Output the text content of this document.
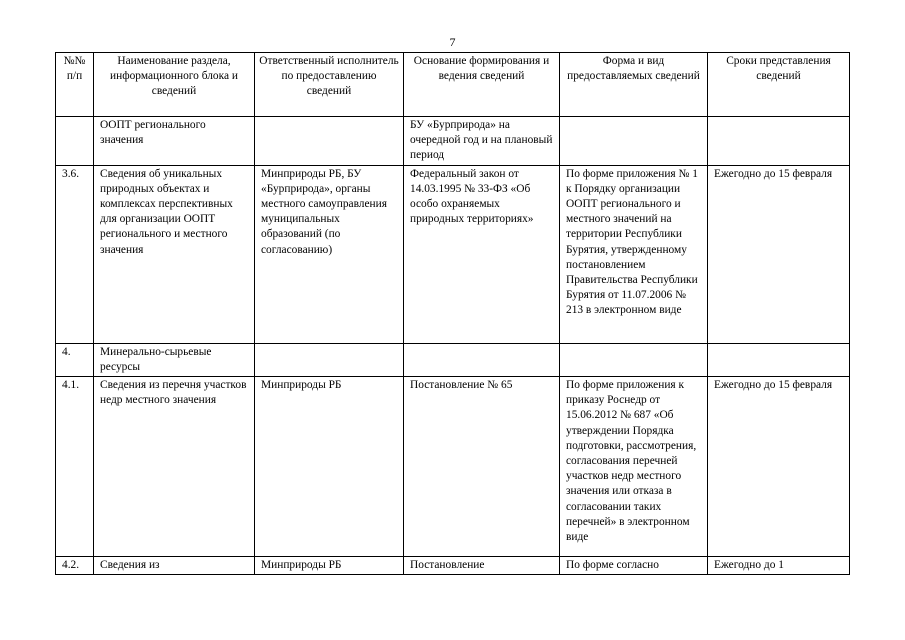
7
№№ п/п	Наименование раздела, информационного блока и сведений	Ответственный исполнитель по предоставлению сведений	Основание формирования и ведения сведений	Форма и вид предоставляемых сведений	Сроки представления сведений
	ООПТ регионального значения		БУ «Бурприрода» на очередной год и на плановый период		
3.6.	Сведения об уникальных природных объектах и комплексах перспективных для организации ООПТ регионального и местного значения	Минприроды РБ, БУ «Бурприрода», органы местного самоуправления муниципальных образований (по согласованию)	Федеральный закон от 14.03.1995 № 33-ФЗ «Об особо охраняемых природных территориях»	По форме приложения № 1 к Порядку организации ООПТ регионального и местного значений на территории Республики Бурятия, утвержденному постановлением Правительства Республики Бурятия от 11.07.2006 № 213 в электронном виде	Ежегодно до 15 февраля
4.	Минерально-сырьевые ресурсы				
4.1.	Сведения из перечня участков недр местного значения	Минприроды РБ	Постановление № 65	По форме приложения к приказу Роснедр от 15.06.2012 № 687 «Об утверждении Порядка подготовки, рассмотрения, согласования перечней участков недр местного значения или отказа в согласовании таких перечней» в электронном виде	Ежегодно до 15 февраля
4.2.	Сведения из	Минприроды РБ	Постановление	По форме согласно	Ежегодно до 1
